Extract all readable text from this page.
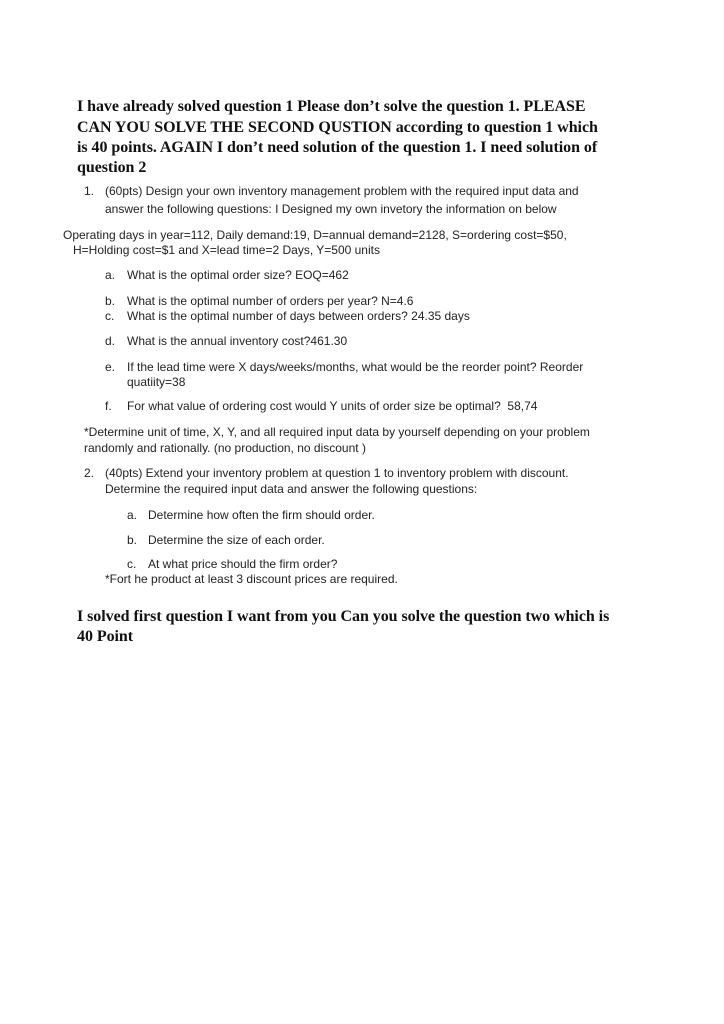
I have already solved question 1 Please don’t solve the question 1. PLEASE
CAN YOU SOLVE THE SECOND QUSTION according to question 1 which
is 40 points. AGAIN I don’t need solution of the question 1. I need solution of
question 2
1. (60pts) Design your own inventory management problem with the required input data and
answer the following questions: I Designed my own invetory the information on below
Operating days in year=112, Daily demand:19, D=annual demand=2128, S=ordering cost=$50,
H=Holding cost=$1 and X=lead time=2 Days, Y=500 units
a. What is the optimal order size? EOQ=462
b. What is the optimal number of orders per year? N=4.6
c. What is the optimal number of days between orders? 24.35 days
d. What is the annual inventory cost?461.30
e. If the lead time were X days/weeks/months, what would be the reorder point? Reorder
quatiity=38
f. For what value of ordering cost would Y units of order size be optimal?  58,74
*Determine unit of time, X, Y, and all required input data by yourself depending on your problem
randomly and rationally. (no production, no discount )
2. (40pts) Extend your inventory problem at question 1 to inventory problem with discount.
Determine the required input data and answer the following questions:
a. Determine how often the firm should order.
b. Determine the size of each order.
c. At what price should the firm order?
*Fort he product at least 3 discount prices are required.
I solved first question I want from you Can you solve the question two which is
40 Point
